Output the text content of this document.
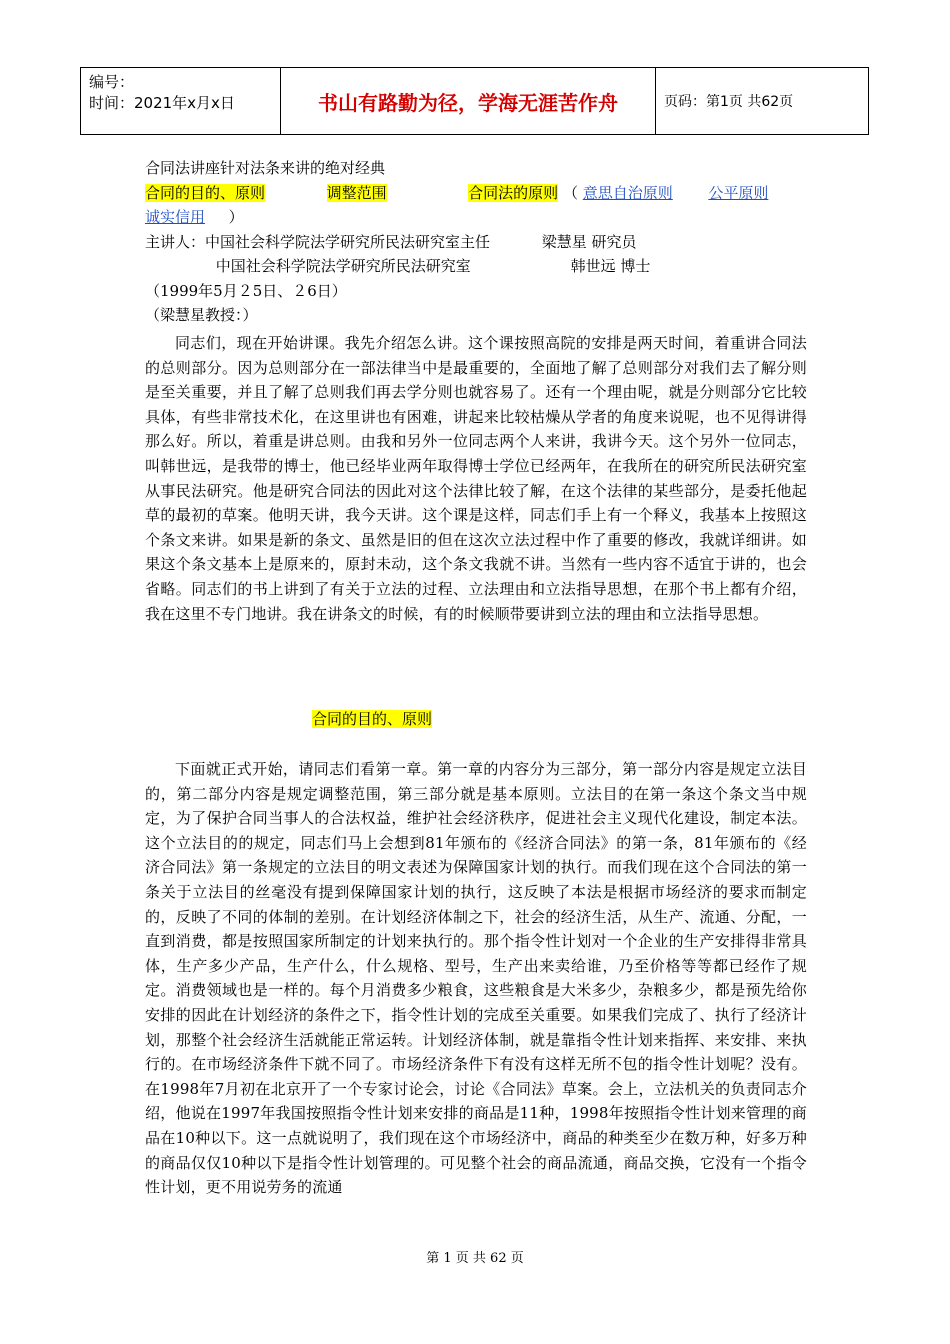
编号：
时间：2021年x月x日	书山有路勤为径，学海无涯苦作舟	页码：第1页 共62页
合同法讲座针对法条来讲的绝对经典
合同的目的、原则	调整范围	合同法的原则 （ 意思自治原则 公平原则
诚实信用 ）
主讲人：中国社会科学院法学研究所民法研究室主任	梁慧星 研究员
中国社会科学院法学研究所民法研究室	韩世远 博士
（1999年5月２5日、２6日）
（梁慧星教授：）

同志们，现在开始讲课。我先介绍怎么讲。这个课按照高院的安排是两天时间，着重讲合同法的总则部分。因为总则部分在一部法律当中是最重要的，全面地了解了总则部分对我们去了解分则是至关重要，并且了解了总则我们再去学分则也就容易了。还有一个理由呢，就是分则部分它比较具体，有些非常技术化，在这里讲也有困难，讲起来比较枯燥从学者的角度来说呢，也不见得讲得那么好。所以，着重是讲总则。由我和另外一位同志两个人来讲，我讲今天。这个另外一位同志，叫韩世远，是我带的博士，他已经毕业两年取得博士学位已经两年，在我所在的研究所民法研究室从事民法研究。他是研究合同法的因此对这个法律比较了解，在这个法律的某些部分，是委托他起草的最初的草案。他明天讲，我今天讲。这个课是这样，同志们手上有一个释义，我基本上按照这个条文来讲。如果是新的条文、虽然是旧的但在这次立法过程中作了重要的修改，我就详细讲。如果这个条文基本上是原来的，原封未动，这个条文我就不讲。当然有一些内容不适宜于讲的，也会省略。同志们的书上讲到了有关于立法的过程、立法理由和立法指导思想，在那个书上都有介绍，我在这里不专门地讲。我在讲条文的时候，有的时候顺带要讲到立法的理由和立法指导思想。

合同的目的、原则

下面就正式开始，请同志们看第一章。第一章的内容分为三部分，第一部分内容是规定立法目的，第二部分内容是规定调整范围，第三部分就是基本原则。立法目的在第一条这个条文当中规定，为了保护合同当事人的合法权益，维护社会经济秩序，促进社会主义现代化建设，制定本法。这个立法目的的规定，同志们马上会想到81年颁布的《经济合同法》的第一条，81年颁布的《经济合同法》第一条规定的立法目的明文表述为保障国家计划的执行。而我们现在这个合同法的第一条关于立法目的丝毫没有提到保障国家计划的执行，这反映了本法是根据市场经济的要求而制定的，反映了不同的体制的差别。在计划经济体制之下，社会的经济生活，从生产、流通、分配，一直到消费，都是按照国家所制定的计划来执行的。那个指令性计划对一个企业的生产安排得非常具体，生产多少产品，生产什么，什么规格、型号，生产出来卖给谁，乃至价格等等都已经作了规定。消费领域也是一样的。每个月消费多少粮食，这些粮食是大米多少，杂粮多少，都是预先给你安排的因此在计划经济的条件之下，指令性计划的完成至关重要。如果我们完成了、执行了经济计划，那整个社会经济生活就能正常运转。计划经济体制，就是靠指令性计划来指挥、来安排、来执行的。在市场经济条件下就不同了。市场经济条件下有没有这样无所不包的指令性计划呢？没有。在1998年7月初在北京开了一个专家讨论会，讨论《合同法》草案。会上，立法机关的负责同志介绍，他说在1997年我国按照指令性计划来安排的商品是11种，1998年按照指令性计划来管理的商品在10种以下。这一点就说明了，我们现在这个市场经济中，商品的种类至少在数万种，好多万种的商品仅仅10种以下是指令性计划管理的。可见整个社会的商品流通，商品交换，它没有一个指令性计划，更不用说劳务的流通

第 1 页 共 62 页
